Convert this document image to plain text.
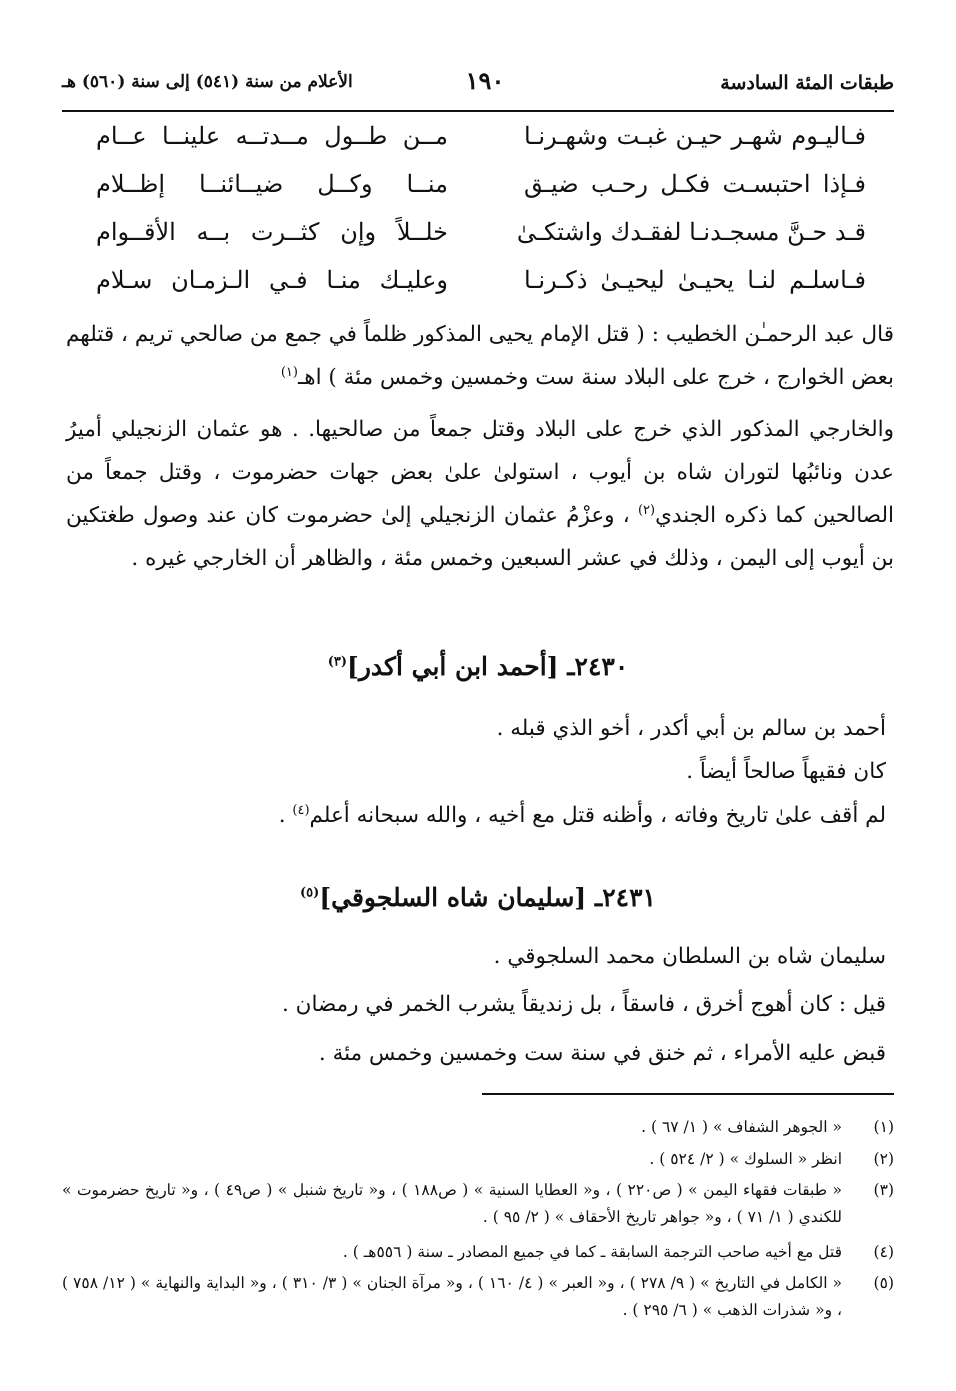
طبقات المئة السادسة
١٩٠
الأعلام من سنة (٥٤١) إلى سنة (٥٦٠) هـ
فـاليـوم شهـر حيـن غبـت وشهـرنـا
مــن طــول مــدتــه علينــا عــام
فـإذا احتبسـت فكـل رحـب ضيـق
منــا وكــل ضيــائنــا إظــلام
قـد حـنَّ مسجـدنـا لفقـدك واشتكـىٰ
خلــلاً وإن كثــرت بــه الأقــوام
فـاسلـم لنـا يحيـىٰ ليحيـىٰ ذكـرنـا
وعليـك منـا فـي الـزمـان سـلام
قال عبد الرحمـٰن الخطيب : ( قتل الإمام يحيى المذكور ظلماً في جمع من صالحي تريم ، قتلهم بعض الخوارج ، خرج على البلاد سنة ست وخمسين وخمس مئة ) اهـ$^{(١)}$
والخارجي المذكور الذي خرج على البلاد وقتل جمعاً من صالحيها. . هو عثمان الزنجيلي أميرُ عدن ونائبُها لتوران شاه بن أيوب ، استولىٰ علىٰ بعض جهات حضرموت ، وقتل جمعاً من الصالحين كما ذكره الجندي$^{(٢)}$ ، وعزْمُ عثمان الزنجيلي إلىٰ حضرموت كان عند وصول طغتكين بن أيوب إلى اليمن ، وذلك في عشر السبعين وخمس مئة ، والظاهر أن الخارجي غيره .
٢٤٣٠ـ [أحمد ابن أبي أكدر]$^{(٣)}$
أحمد بن سالم بن أبي أكدر ، أخو الذي قبله .
كان فقيهاً صالحاً أيضاً .
لم أقف علىٰ تاريخ وفاته ، وأظنه قتل مع أخيه ، والله سبحانه أعلم$^{(٤)}$ .
٢٤٣١ـ [سليمان شاه السلجوقي]$^{(٥)}$
سليمان شاه بن السلطان محمد السلجوقي .
قيل : كان أهوج أخرق ، فاسقاً ، بل زنديقاً يشرب الخمر في رمضان .
قبض عليه الأمراء ، ثم خنق في سنة ست وخمسين وخمس مئة .
(١)
« الجوهر الشفاف » ( ١/ ٦٧ ) .
(٢)
انظر « السلوك » ( ٢/ ٥٢٤ ) .
(٣)
« طبقات فقهاء اليمن » ( ص٢٢٠ ) ، و« العطايا السنية » ( ص١٨٨ ) ، و« تاريخ شنبل » ( ص٤٩ ) ، و« تاريخ حضرموت » للكندي ( ١/ ٧١ ) ، و« جواهر تاريخ الأحقاف » ( ٢/ ٩٥ ) .
(٤)
قتل مع أخيه صاحب الترجمة السابقة ـ كما في جميع المصادر ـ سنة ( ٥٥٦هـ ) .
(٥)
« الكامل في التاريخ » ( ٩/ ٢٧٨ ) ، و« العبر » ( ٤/ ١٦٠ ) ، و« مرآة الجنان » ( ٣/ ٣١٠ ) ، و« البداية والنهاية » ( ١٢/ ٧٥٨ ) ، و« شذرات الذهب » ( ٦/ ٢٩٥ ) .
